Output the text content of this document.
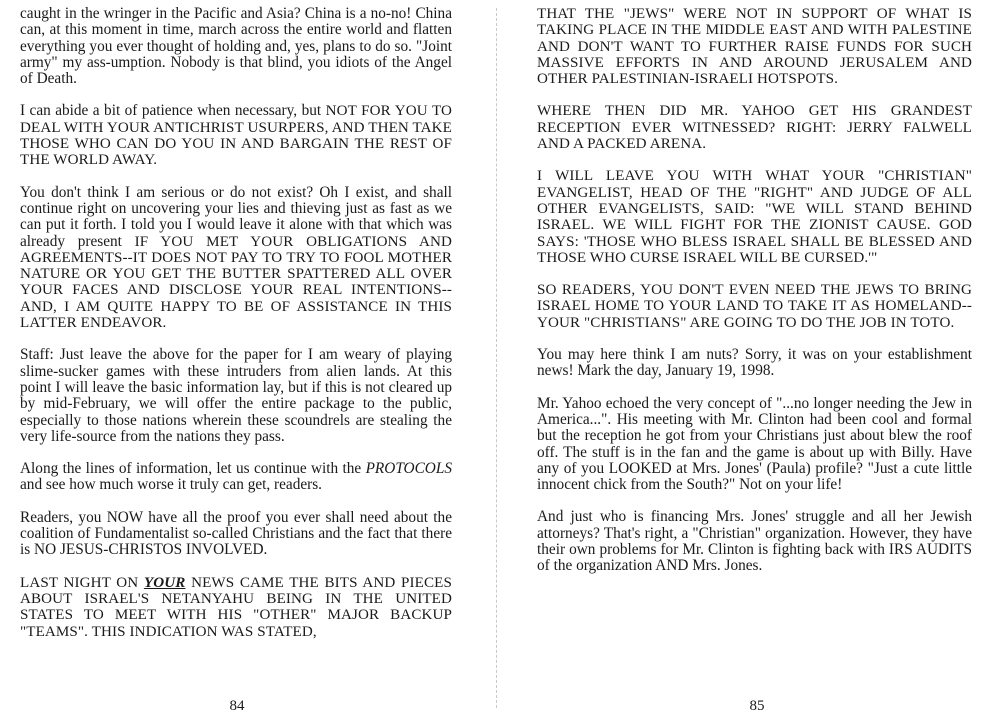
caught in the wringer in the Pacific and Asia? China is a no-no! China can, at this moment in time, march across the entire world and flatten everything you ever thought of holding and, yes, plans to do so. "Joint army" my ass-umption. Nobody is that blind, you idiots of the Angel of Death.

I can abide a bit of patience when necessary, but NOT FOR YOU TO DEAL WITH YOUR ANTICHRIST USURPERS, AND THEN TAKE THOSE WHO CAN DO YOU IN AND BARGAIN THE REST OF THE WORLD AWAY.

You don't think I am serious or do not exist? Oh I exist, and shall continue right on uncovering your lies and thieving just as fast as we can put it forth. I told you I would leave it alone with that which was already present IF YOU MET YOUR OBLIGATIONS AND AGREEMENTS--IT DOES NOT PAY TO TRY TO FOOL MOTHER NATURE OR YOU GET THE BUTTER SPATTERED ALL OVER YOUR FACES AND DISCLOSE YOUR REAL INTENTIONS--AND, I AM QUITE HAPPY TO BE OF ASSISTANCE IN THIS LATTER ENDEAVOR.

Staff: Just leave the above for the paper for I am weary of playing slime-sucker games with these intruders from alien lands. At this point I will leave the basic information lay, but if this is not cleared up by mid-February, we will offer the entire package to the public, especially to those nations wherein these scoundrels are stealing the very life-source from the nations they pass.

Along the lines of information, let us continue with the PROTOCOLS and see how much worse it truly can get, readers.

Readers, you NOW have all the proof you ever shall need about the coalition of Fundamentalist so-called Christians and the fact that there is NO JESUS-CHRISTOS INVOLVED.

LAST NIGHT ON YOUR NEWS CAME THE BITS AND PIECES ABOUT ISRAEL'S NETANYAHU BEING IN THE UNITED STATES TO MEET WITH HIS "OTHER" MAJOR BACKUP "TEAMS". THIS INDICATION WAS STATED,

THAT THE "JEWS" WERE NOT IN SUPPORT OF WHAT IS TAKING PLACE IN THE MIDDLE EAST AND WITH PALESTINE AND DON'T WANT TO FURTHER RAISE FUNDS FOR SUCH MASSIVE EFFORTS IN AND AROUND JERUSALEM AND OTHER PALESTINIAN-ISRAELI HOTSPOTS.

WHERE THEN DID MR. YAHOO GET HIS GRANDEST RECEPTION EVER WITNESSED? RIGHT: JERRY FALWELL AND A PACKED ARENA.

I WILL LEAVE YOU WITH WHAT YOUR "CHRISTIAN" EVANGELIST, HEAD OF THE "RIGHT" AND JUDGE OF ALL OTHER EVANGELISTS, SAID: "WE WILL STAND BEHIND ISRAEL. WE WILL FIGHT FOR THE ZIONIST CAUSE. GOD SAYS: 'THOSE WHO BLESS ISRAEL SHALL BE BLESSED AND THOSE WHO CURSE ISRAEL WILL BE CURSED.'"

SO READERS, YOU DON'T EVEN NEED THE JEWS TO BRING ISRAEL HOME TO YOUR LAND TO TAKE IT AS HOMELAND--YOUR "CHRISTIANS" ARE GOING TO DO THE JOB IN TOTO.

You may here think I am nuts? Sorry, it was on your establishment news! Mark the day, January 19, 1998.

Mr. Yahoo echoed the very concept of "...no longer needing the Jew in America...". His meeting with Mr. Clinton had been cool and formal but the reception he got from your Christians just about blew the roof off. The stuff is in the fan and the game is about up with Billy. Have any of you LOOKED at Mrs. Jones' (Paula) profile? "Just a cute little innocent chick from the South?" Not on your life!

And just who is financing Mrs. Jones' struggle and all her Jewish attorneys? That's right, a "Christian" organization. However, they have their own problems for Mr. Clinton is fighting back with IRS AUDITS of the organization AND Mrs. Jones.

84	85
